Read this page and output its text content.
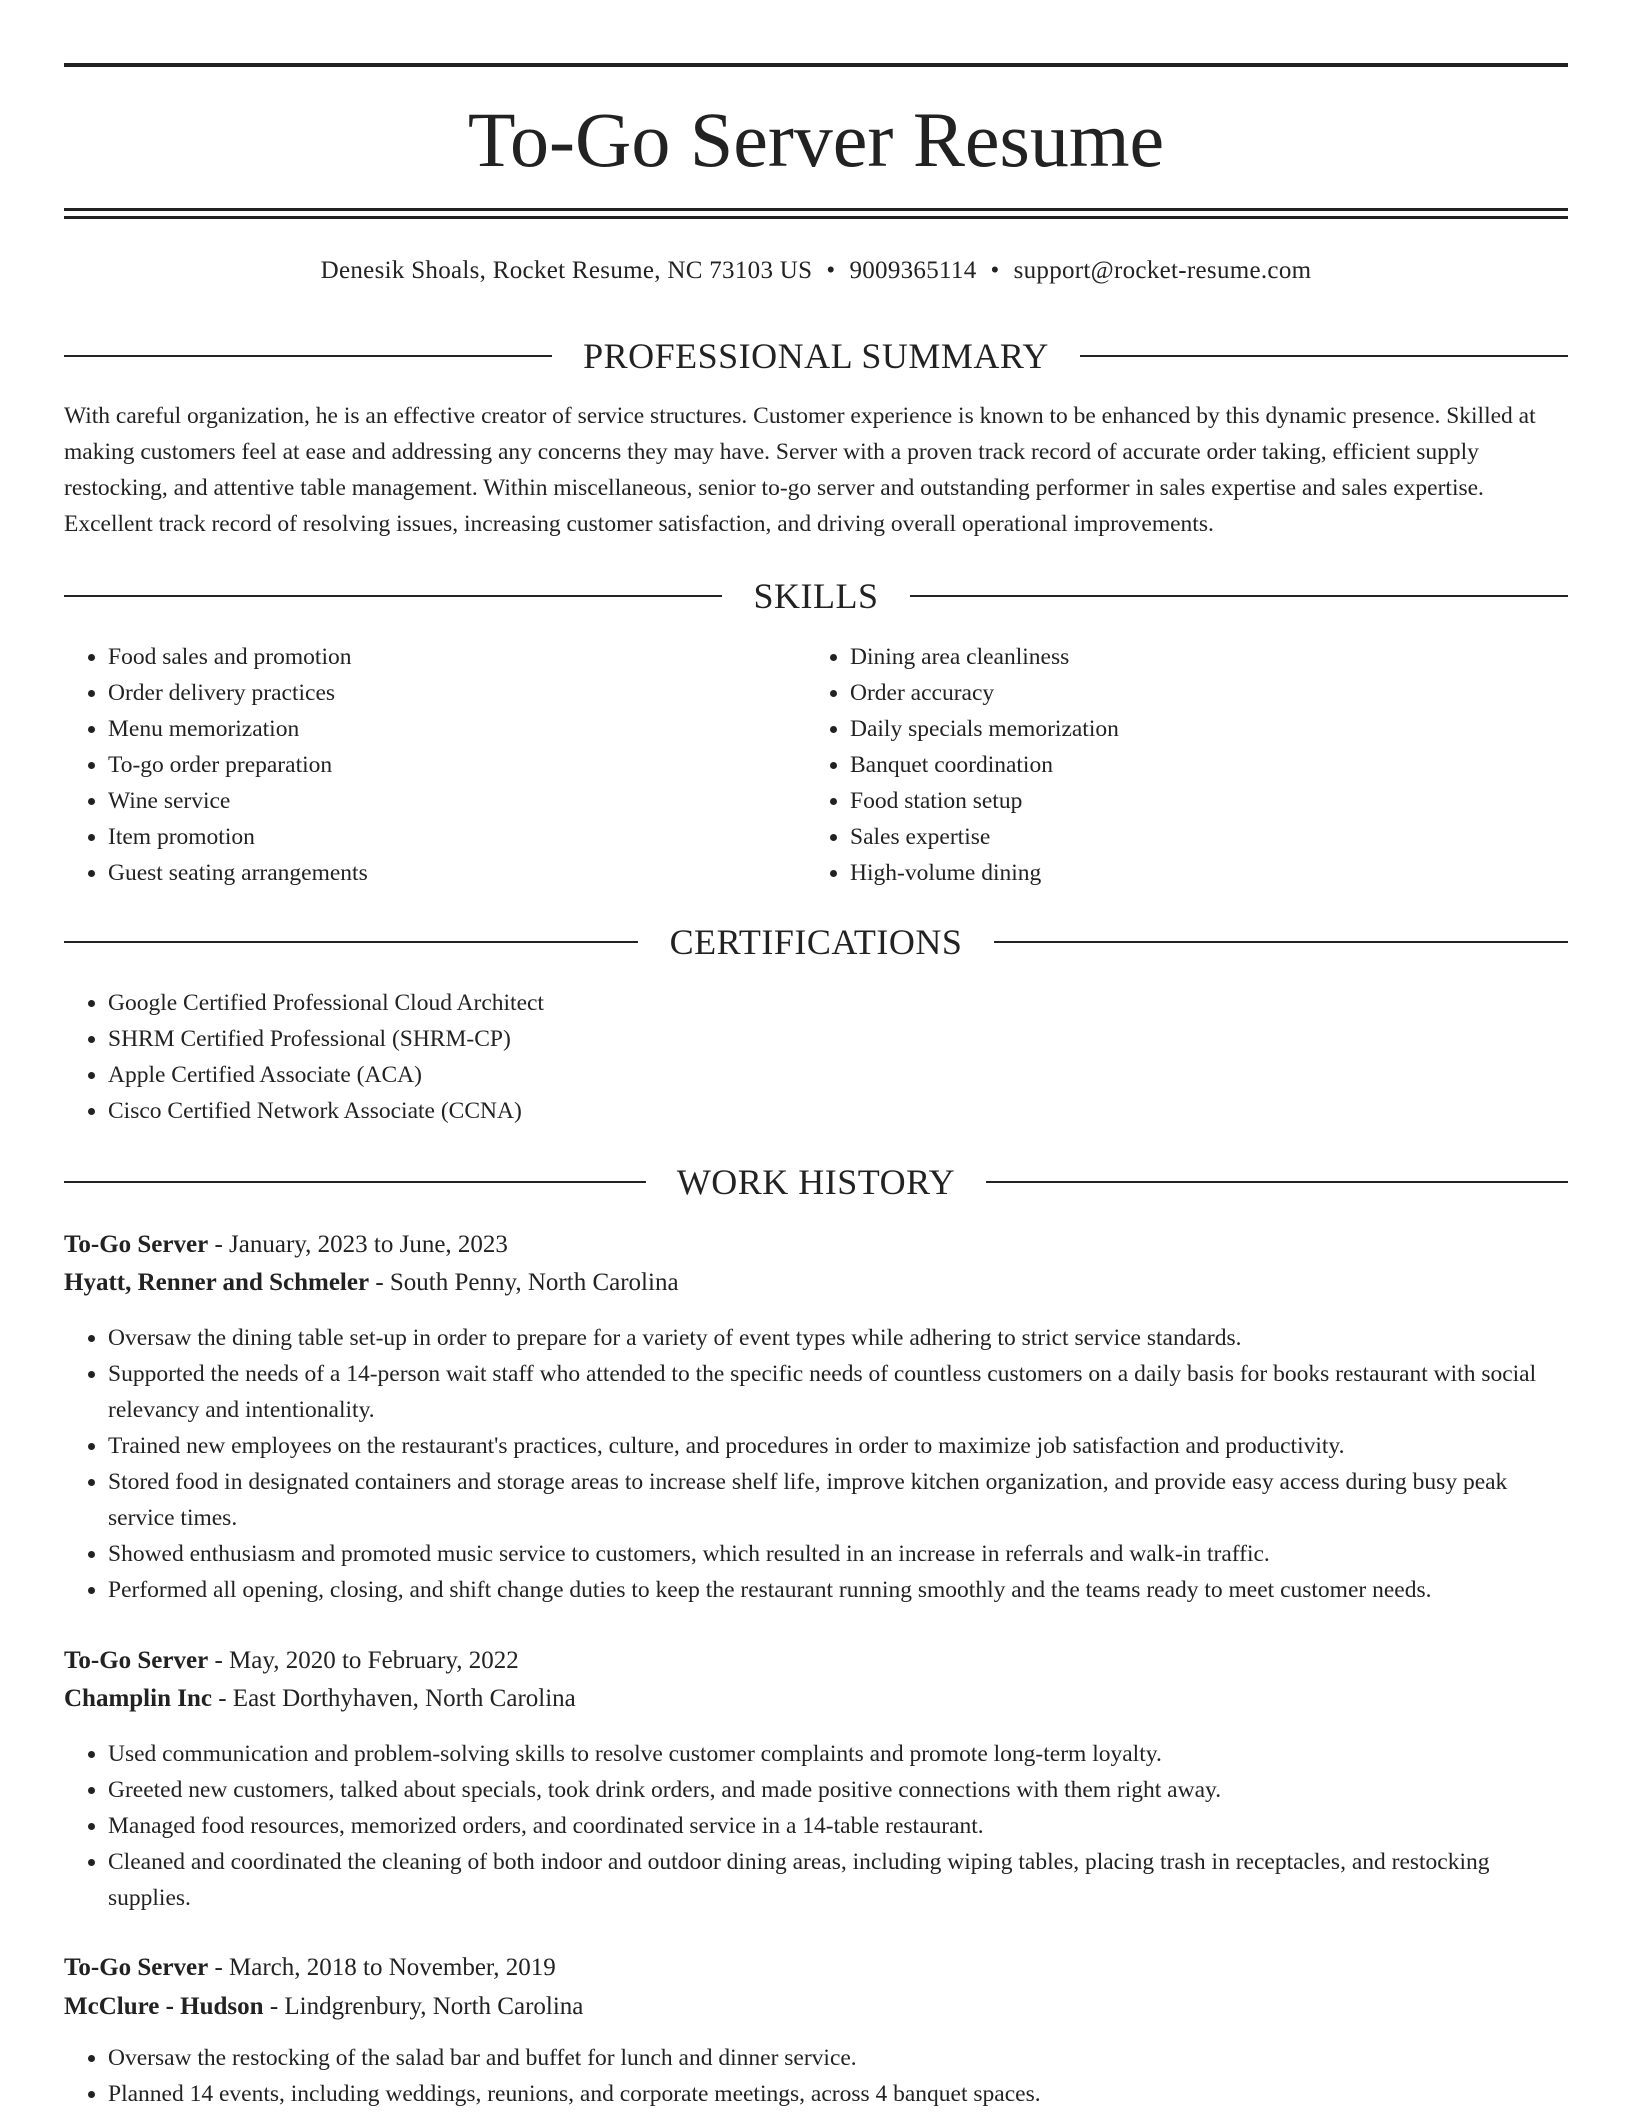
To-Go Server Resume
Denesik Shoals, Rocket Resume, NC 73103 US • 9009365114 • support@rocket-resume.com
PROFESSIONAL SUMMARY

With careful organization, he is an effective creator of service structures. Customer experience is known to be enhanced by this dynamic presence. Skilled at making customers feel at ease and addressing any concerns they may have. Server with a proven track record of accurate order taking, efficient supply restocking, and attentive table management. Within miscellaneous, senior to-go server and outstanding performer in sales expertise and sales expertise. Excellent track record of resolving issues, increasing customer satisfaction, and driving overall operational improvements.

SKILLS
• Food sales and promotion
• Order delivery practices
• Menu memorization
• To-go order preparation
• Wine service
• Item promotion
• Guest seating arrangements
• Dining area cleanliness
• Order accuracy
• Daily specials memorization
• Banquet coordination
• Food station setup
• Sales expertise
• High-volume dining
CERTIFICATIONS
• Google Certified Professional Cloud Architect
• SHRM Certified Professional (SHRM-CP)
• Apple Certified Associate (ACA)
• Cisco Certified Network Associate (CCNA)
WORK HISTORY
To-Go Server - January, 2023 to June, 2023
Hyatt, Renner and Schmeler - South Penny, North Carolina
• Oversaw the dining table set-up in order to prepare for a variety of event types while adhering to strict service standards.
• Supported the needs of a 14-person wait staff who attended to the specific needs of countless customers on a daily basis for books restaurant with social relevancy and intentionality.
• Trained new employees on the restaurant's practices, culture, and procedures in order to maximize job satisfaction and productivity.
• Stored food in designated containers and storage areas to increase shelf life, improve kitchen organization, and provide easy access during busy peak service times.
• Showed enthusiasm and promoted music service to customers, which resulted in an increase in referrals and walk-in traffic.
• Performed all opening, closing, and shift change duties to keep the restaurant running smoothly and the teams ready to meet customer needs.
To-Go Server - May, 2020 to February, 2022
Champlin Inc - East Dorthyhaven, North Carolina
• Used communication and problem-solving skills to resolve customer complaints and promote long-term loyalty.
• Greeted new customers, talked about specials, took drink orders, and made positive connections with them right away.
• Managed food resources, memorized orders, and coordinated service in a 14-table restaurant.
• Cleaned and coordinated the cleaning of both indoor and outdoor dining areas, including wiping tables, placing trash in receptacles, and restocking supplies.
To-Go Server - March, 2018 to November, 2019
McClure - Hudson - Lindgrenbury, North Carolina
• Oversaw the restocking of the salad bar and buffet for lunch and dinner service.
• Planned 14 events, including weddings, reunions, and corporate meetings, across 4 banquet spaces.
